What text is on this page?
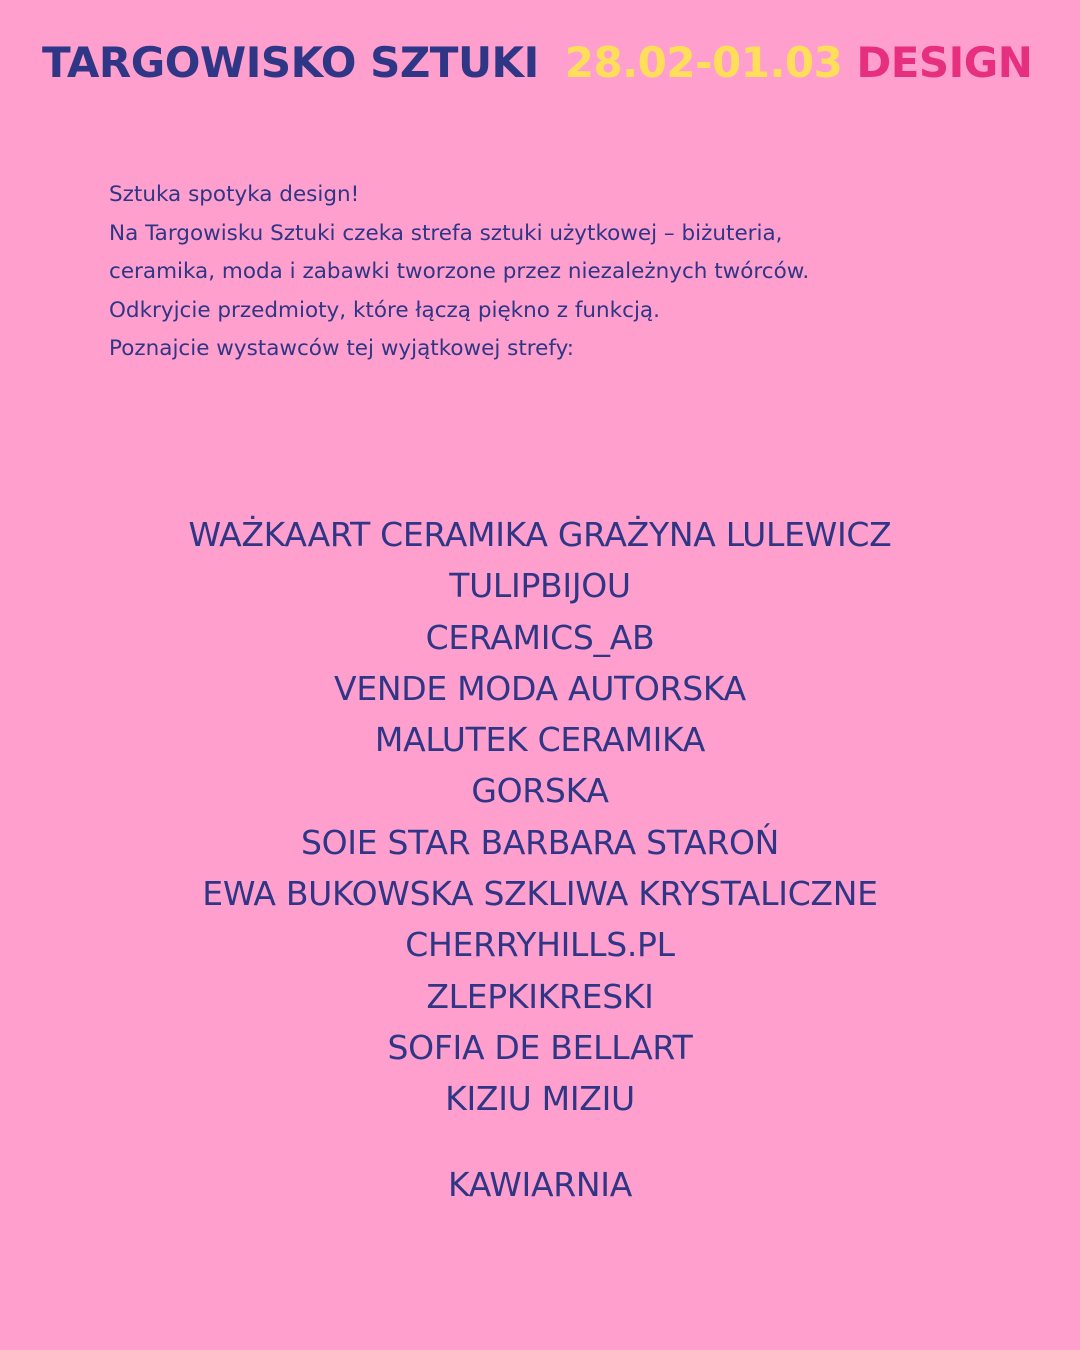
TARGOWISKO SZTUKI 28.02-01.03 DESIGN
Sztuka spotyka design!
Na Targowisku Sztuki czeka strefa sztuki użytkowej – biżuteria,
ceramika, moda i zabawki tworzone przez niezależnych twórców.
Odkryjcie przedmioty, które łączą piękno z funkcją.
Poznajcie wystawców tej wyjątkowej strefy:
WAŻKAART CERAMIKA GRAŻYNA LULEWICZ
TULIPBIJOU
CERAMICS_AB
VENDE MODA AUTORSKA
MALUTEK CERAMIKA
GORSKA
SOIE STAR BARBARA STAROŃ
EWA BUKOWSKA SZKLIWA KRYSTALICZNE
CHERRYHILLS.PL
ZLEPKIKRESKI
SOFIA DE BELLART
KIZIU MIZIU
KAWIARNIA
